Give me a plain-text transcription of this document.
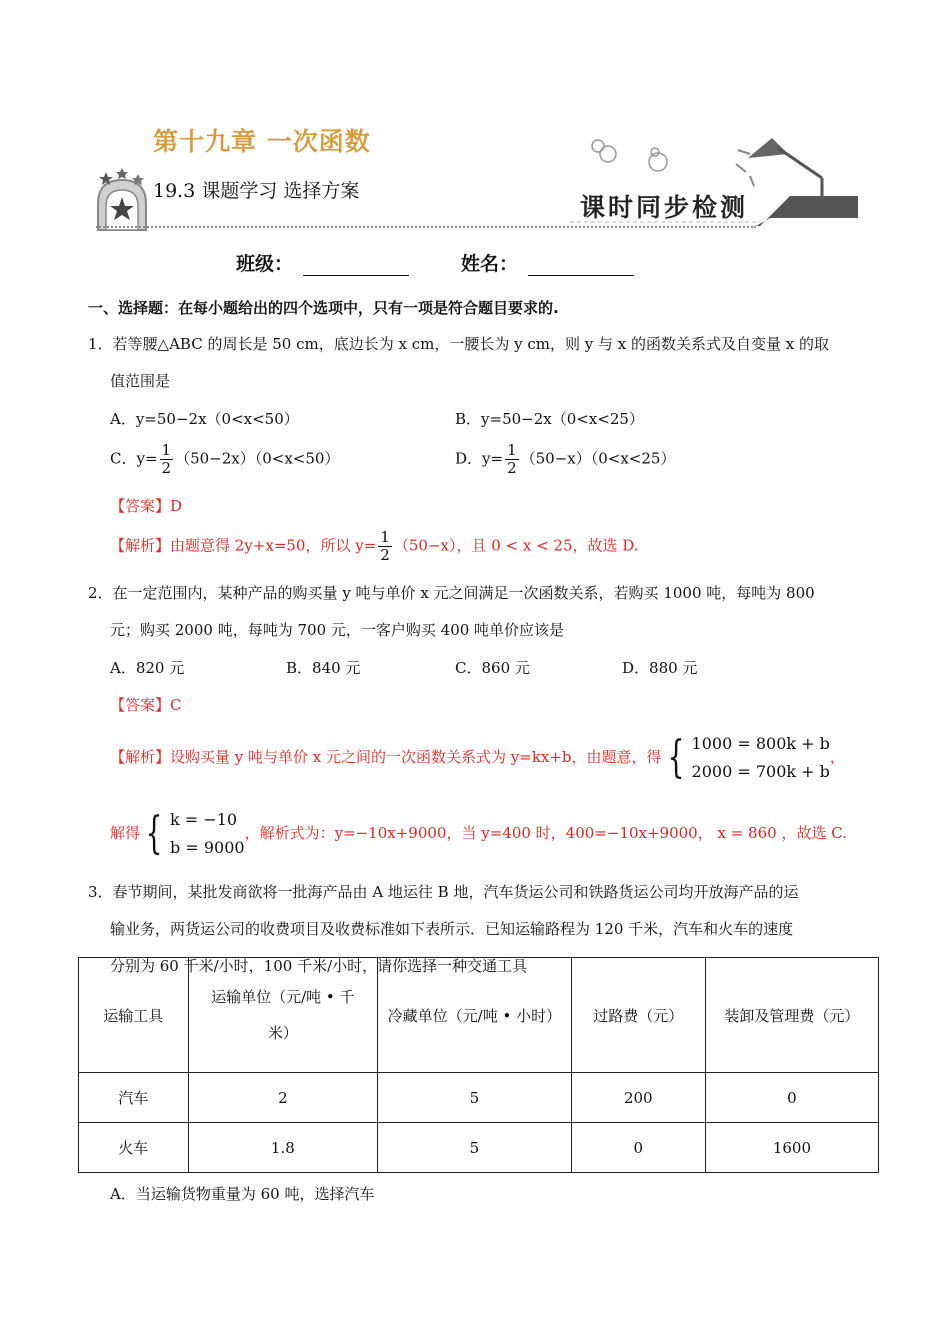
第十九章 一次函数
19.3 课题学习 选择方案
课时同步检测
班级：	姓名：
一、选择题：在每小题给出的四个选项中，只有一项是符合题目要求的.
1．若等腰△ABC 的周长是 50 cm，底边长为 x cm，一腰长为 y cm，则 y 与 x 的函数关系式及自变量 x 的取
值范围是
A．y=50−2x（0<x<50）	B．y=50−2x（0<x<25）
C．$y= \frac{1}{2} (50-2x)(0<x<50)$	D．$y= \frac{1}{2} (50-x)(0<x<25)$
【答案】D
【解析】由题意得 2y+x=50，所以 $y= \frac{1}{2} (50-x)$，且 0 < x < 25，故选 D.
2．在一定范围内，某种产品的购买量 y 吨与单价 x 元之间满足一次函数关系，若购买 1000 吨，每吨为 800
元；购买 2000 吨，每吨为 700 元，一客户购买 400 吨单价应该是
A．820 元	B．840 元	C．860 元	D．880 元
【答案】C
【解析】设购买量 y 吨与单价 x 元之间的一次函数关系式为 y=kx+b，由题意，得 { 1000 = 800k + b
2000 = 700k + b
，
解得 { k = −10
b = 9000
，解析式为：y=−10x+9000，当 y=400 时，400=−10x+9000， x = 860 ，故选 C.
3．春节期间，某批发商欲将一批海产品由 A 地运往 B 地，汽车货运公司和铁路货运公司均开放海产品的运
输业务，两货运公司的收费项目及收费标准如下表所示．已知运输路程为 120 千米，汽车和火车的速度
分别为 60 千米/小时，100 千米/小时，请你选择一种交通工具
运输工具	运输单位（元/吨 • 千
米）	冷藏单位（元/吨 • 小时）	过路费（元）	装卸及管理费（元）
汽车	2	5	200	0
火车	1.8	5	0	1600
A．当运输货物重量为 60 吨，选择汽车
